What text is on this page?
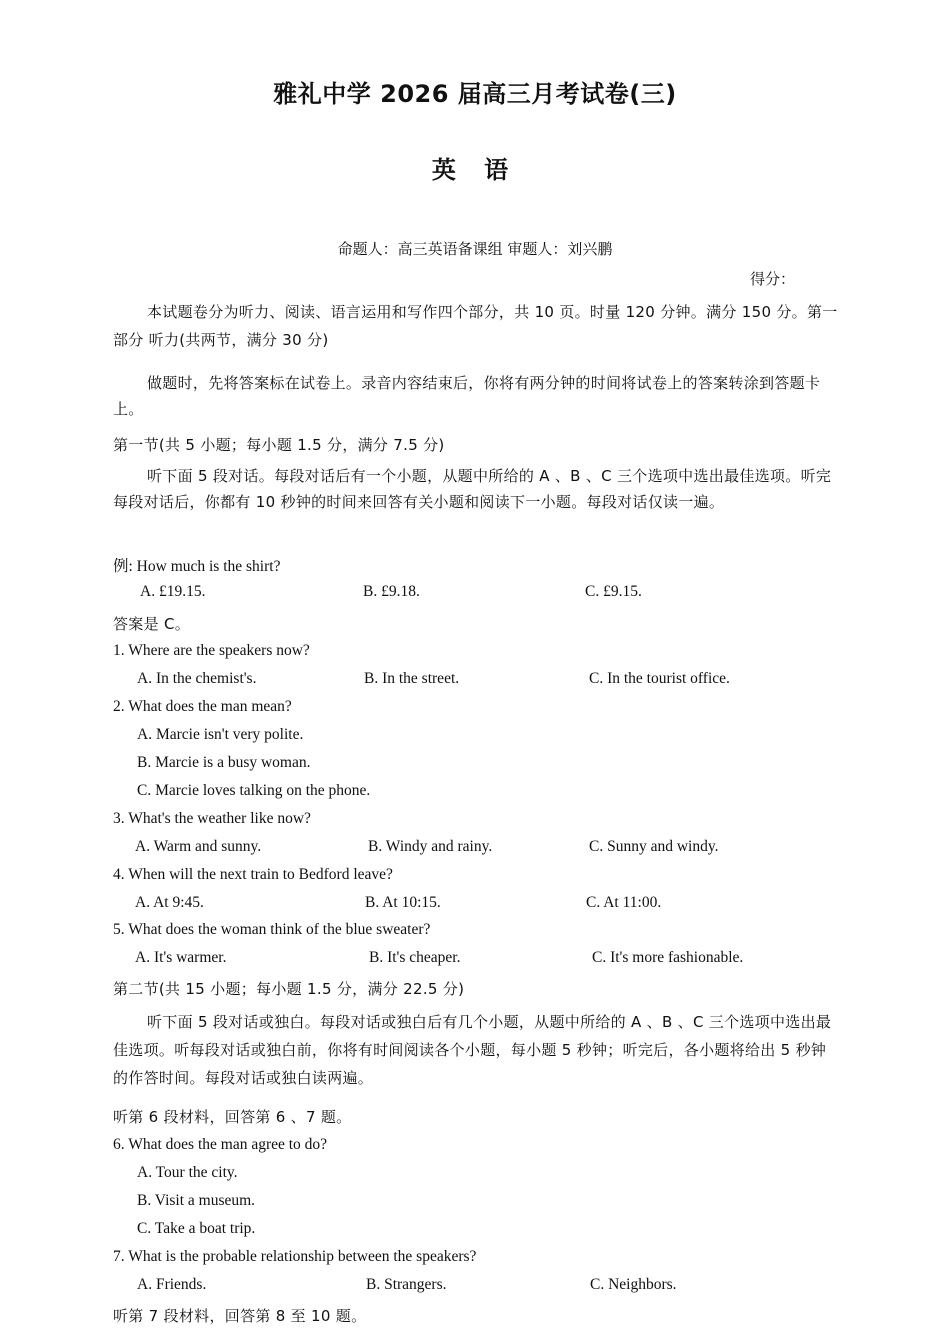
雅礼中学 2026 届高三月考试卷(三)
英 语
命题人：高三英语备课组 审题人：刘兴鹏
得分：
本试题卷分为听力、阅读、语言运用和写作四个部分，共 10 页。时量 120 分钟。满分 150 分。第一部分 听力(共两节，满分 30 分)
做题时，先将答案标在试卷上。录音内容结束后，你将有两分钟的时间将试卷上的答案转涂到答题卡上。
第一节(共 5 小题；每小题 1.5 分，满分 7.5 分)
听下面 5 段对话。每段对话后有一个小题，从题中所给的 A 、B 、C 三个选项中选出最佳选项。听完每段对话后，你都有 10 秒钟的时间来回答有关小题和阅读下一小题。每段对话仅读一遍。
例: How much is the shirt?
A. £19.15.	B. £9.18.	C. £9.15.
答案是 C。
1. Where are the speakers now?
A. In the chemist's.	B. In the street.	C. In the tourist office.
2. What does the man mean?
A. Marcie isn't very polite.
B. Marcie is a busy woman.
C. Marcie loves talking on the phone.
3. What's the weather like now?
A. Warm and sunny.	B. Windy and rainy.	C. Sunny and windy.
4. When will the next train to Bedford leave?
A. At 9:45.	B. At 10:15.	C. At 11:00.
5. What does the woman think of the blue sweater?
A. It's warmer.	B. It's cheaper.	C. It's more fashionable.
第二节(共 15 小题；每小题 1.5 分，满分 22.5 分)
听下面 5 段对话或独白。每段对话或独白后有几个小题，从题中所给的 A 、B 、C 三个选项中选出最佳选项。听每段对话或独白前，你将有时间阅读各个小题，每小题 5 秒钟；听完后，各小题将给出 5 秒钟的作答时间。每段对话或独白读两遍。
听第 6 段材料，回答第 6 、7 题。
6. What does the man agree to do?
A. Tour the city.
B. Visit a museum.
C. Take a boat trip.
7. What is the probable relationship between the speakers?
A. Friends.	B. Strangers.	C. Neighbors.
听第 7 段材料，回答第 8 至 10 题。
